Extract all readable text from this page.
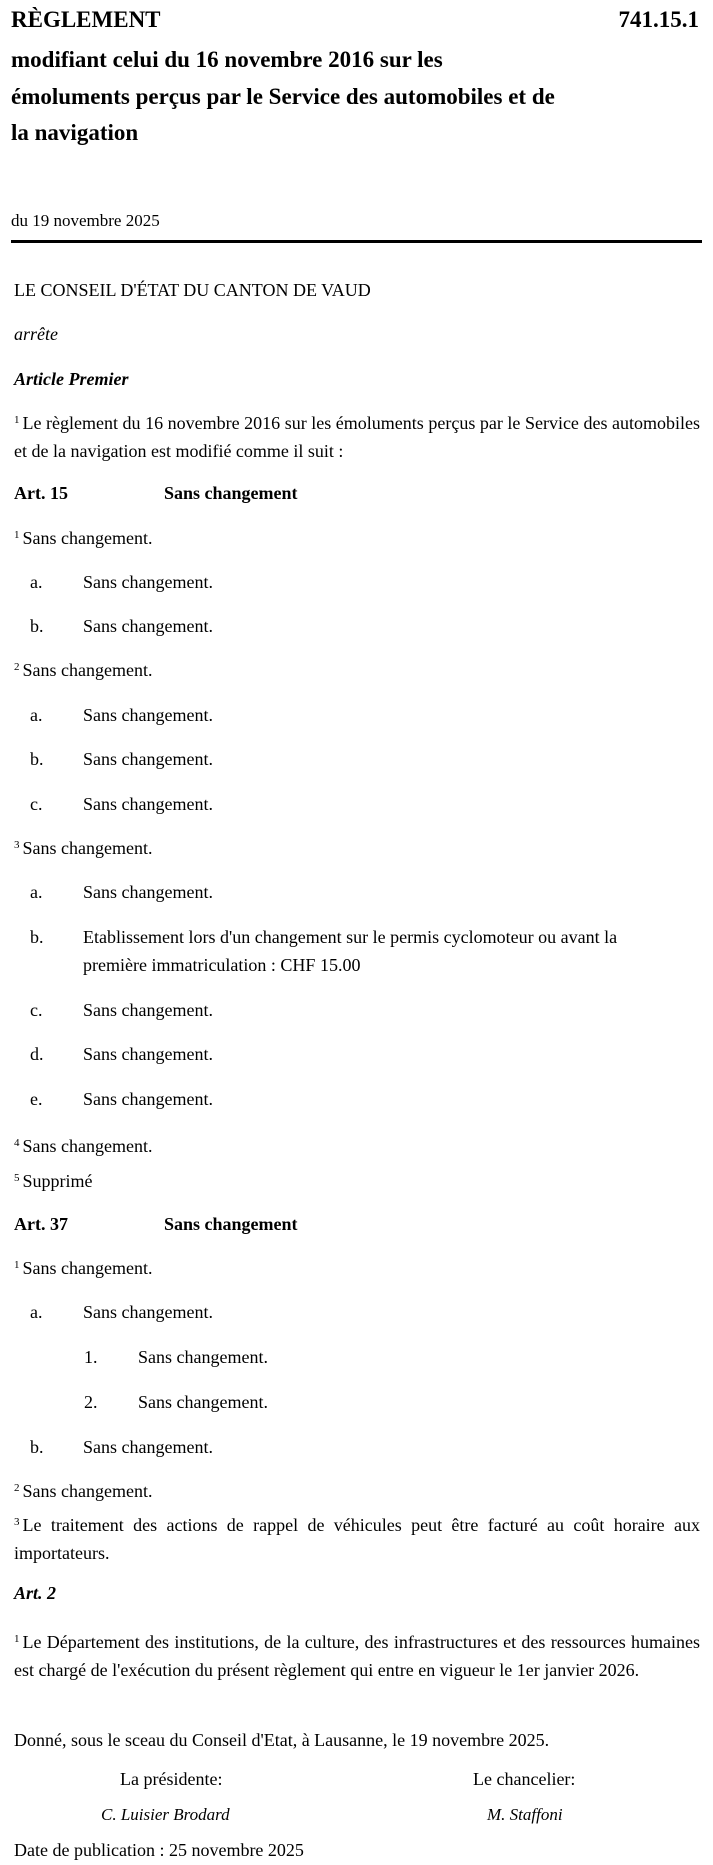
RÈGLEMENT	741.15.1
modifiant celui du 16 novembre 2016 sur les
émoluments perçus par le Service des automobiles et de
la navigation
du 19 novembre 2025
LE CONSEIL D'ÉTAT DU CANTON DE VAUD
arrête
Article Premier
$^1$ Le règlement du 16 novembre 2016 sur les émoluments perçus par le Service des automobiles et de la navigation est modifié comme il suit :
Art. 15	Sans changement
$^1$ Sans changement.
a. Sans changement.
b. Sans changement.
$^2$ Sans changement.
a. Sans changement.
b. Sans changement.
c. Sans changement.
$^3$ Sans changement.
a. Sans changement.
b. Etablissement lors d'un changement sur le permis cyclomoteur ou avant la
première immatriculation : CHF 15.00
c. Sans changement.
d. Sans changement.
e. Sans changement.
$^4$ Sans changement.
$^5$ Supprimé
Art. 37	Sans changement
$^1$ Sans changement.
a. Sans changement.
1. Sans changement.
2. Sans changement.
b. Sans changement.
$^2$ Sans changement.
$^3$ Le traitement des actions de rappel de véhicules peut être facturé au coût horaire aux importateurs.
Art. 2
$^1$ Le Département des institutions, de la culture, des infrastructures et des ressources humaines est chargé de l'exécution du présent règlement qui entre en vigueur le 1er janvier 2026.
Donné, sous le sceau du Conseil d'Etat, à Lausanne, le 19 novembre 2025.
La présidente:	Le chancelier:
C. Luisier Brodard	M. Staffoni
Date de publication : 25 novembre 2025
